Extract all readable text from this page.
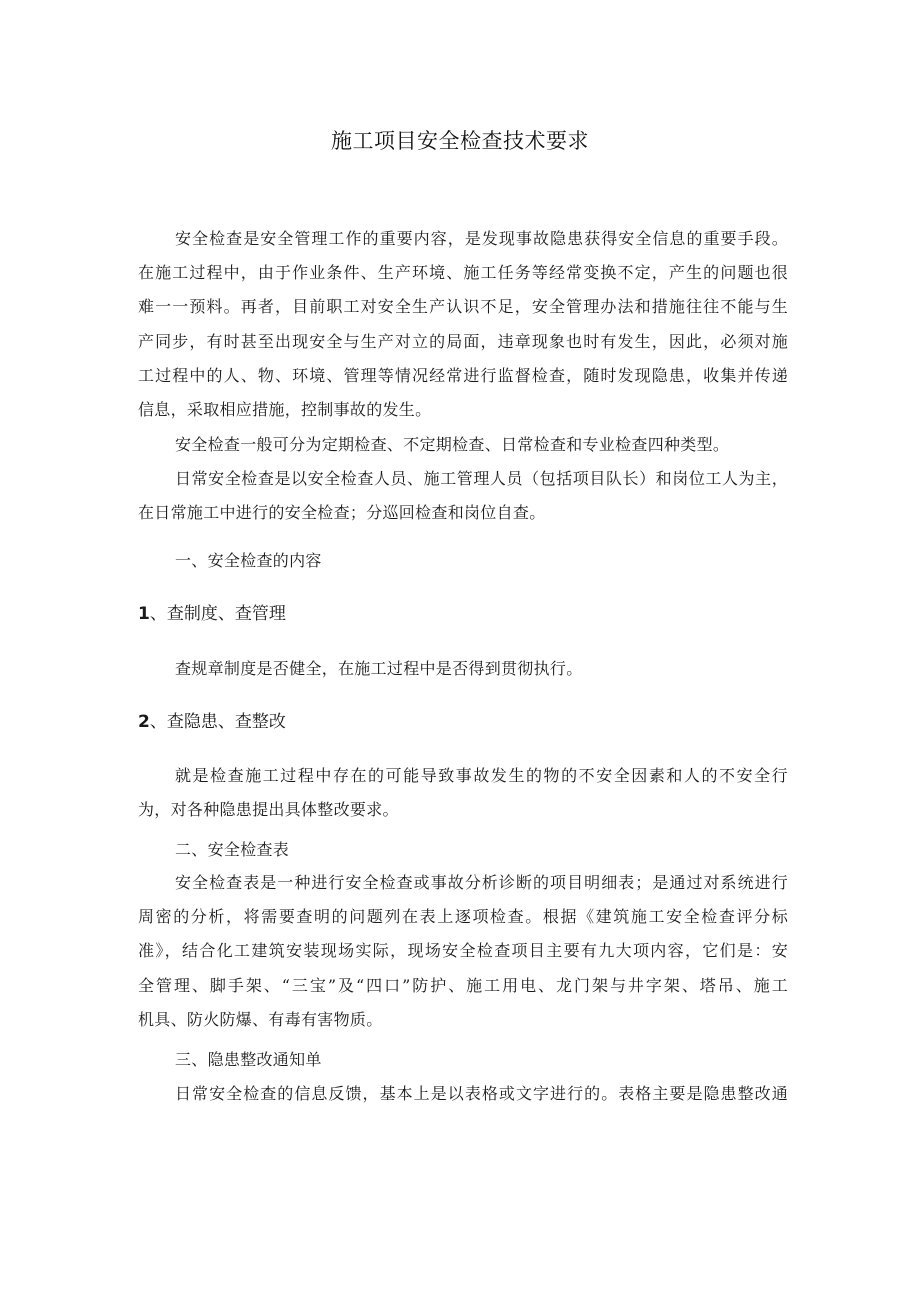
施工项目安全检查技术要求
安全检查是安全管理工作的重要内容，是发现事故隐患获得安全信息的重要手段。
在施工过程中，由于作业条件、生产环境、施工任务等经常变换不定，产生的问题也很
难一一预料。再者，目前职工对安全生产认识不足，安全管理办法和措施往往不能与生
产同步，有时甚至出现安全与生产对立的局面，违章现象也时有发生，因此，必须对施
工过程中的人、物、环境、管理等情况经常进行监督检查，随时发现隐患，收集并传递
信息，采取相应措施，控制事故的发生。
安全检查一般可分为定期检查、不定期检查、日常检查和专业检查四种类型。
日常安全检查是以安全检查人员、施工管理人员（包括项目队长）和岗位工人为主，
在日常施工中进行的安全检查；分巡回检查和岗位自查。
一、安全检查的内容
1、查制度、查管理
查规章制度是否健全，在施工过程中是否得到贯彻执行。
2、查隐患、查整改
就是检查施工过程中存在的可能导致事故发生的物的不安全因素和人的不安全行
为，对各种隐患提出具体整改要求。
二、安全检查表
安全检查表是一种进行安全检查或事故分析诊断的项目明细表；是通过对系统进行
周密的分析，将需要查明的问题列在表上逐项检查。根据《建筑施工安全检查评分标
准》，结合化工建筑安装现场实际，现场安全检查项目主要有九大项内容，它们是：安
全管理、脚手架、“三宝”及“四口”防护、施工用电、龙门架与井字架、塔吊、施工
机具、防火防爆、有毒有害物质。
三、隐患整改通知单
日常安全检查的信息反馈，基本上是以表格或文字进行的。表格主要是隐患整改通
